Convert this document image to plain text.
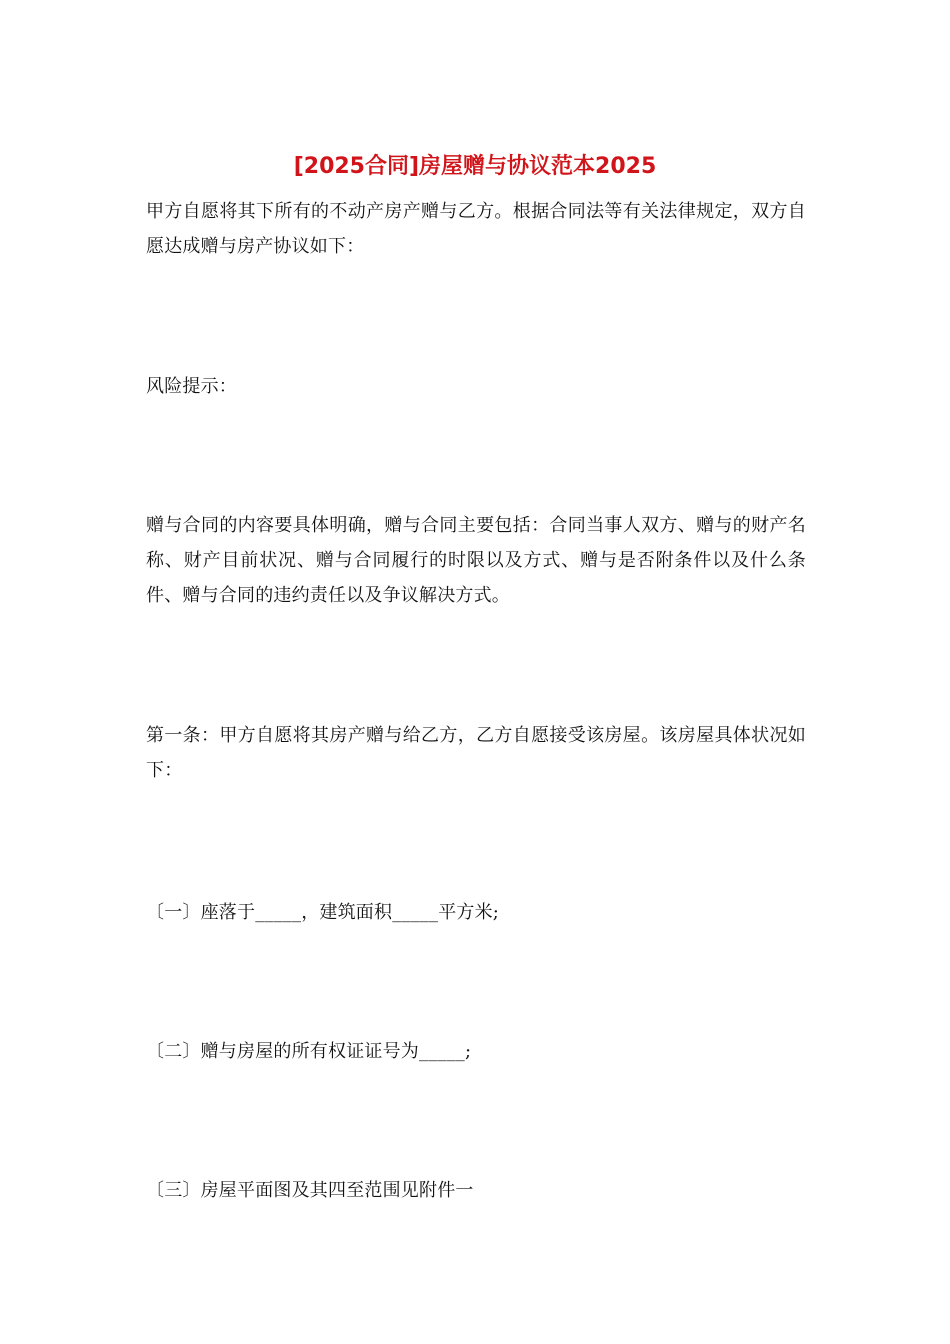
[2025合同]房屋赠与协议范本2025

甲方自愿将其下所有的不动产房产赠与乙方。根据合同法等有关法律规定，双方自愿达成赠与房产协议如下：

风险提示：

赠与合同的内容要具体明确，赠与合同主要包括：合同当事人双方、赠与的财产名称、财产目前状况、赠与合同履行的时限以及方式、赠与是否附条件以及什么条件、赠与合同的违约责任以及争议解决方式。

第一条：甲方自愿将其房产赠与给乙方，乙方自愿接受该房屋。该房屋具体状况如下：

〔一〕座落于_____，建筑面积_____平方米;

〔二〕赠与房屋的所有权证证号为_____;

〔三〕房屋平面图及其四至范围见附件一
